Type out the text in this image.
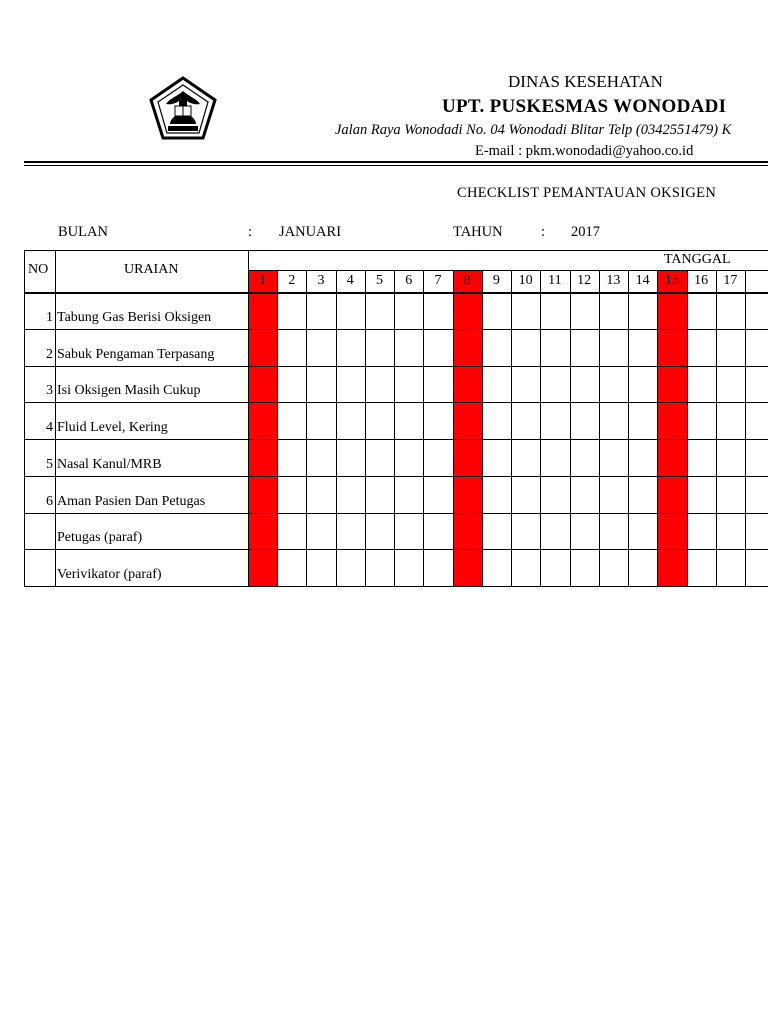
DINAS KESEHATAN
UPT. PUSKESMAS WONODADI
Jalan Raya Wonodadi No. 04 Wonodadi Blitar Telp (0342551479) K
E-mail : pkm.wonodadi@yahoo.co.id
CHECKLIST PEMANTAUAN OKSIGEN
BULAN	: JANUARI	TAHUN	: 2017
NO	URAIAN
TANGGAL
1	2	3	4	5	6	7	8	9	10	11	12	13	14	15	16	17
1 Tabung Gas Berisi Oksigen
2 Sabuk Pengaman Terpasang
3 Isi Oksigen Masih Cukup
4 Fluid Level, Kering
5 Nasal Kanul/MRB
6 Aman Pasien Dan Petugas
Petugas (paraf)
Verivikator (paraf)
